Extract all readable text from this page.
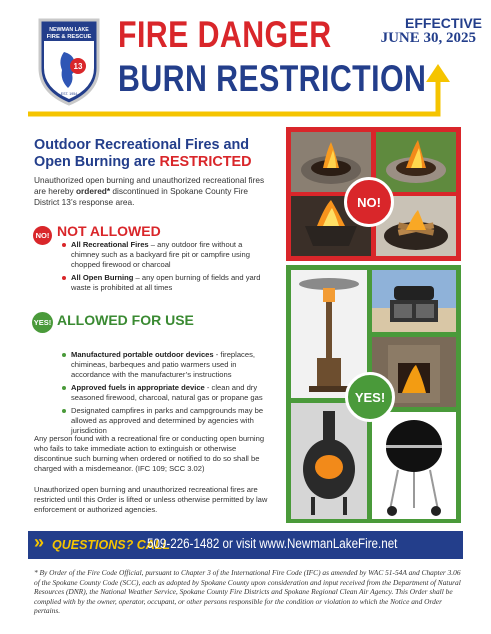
13
NEWMAN LAKE
FIRE & RESCUE
EST. 1954
FIRE DANGER
BURN RESTRICTION
EFFECTIVE
JUNE 30, 2025
Outdoor Recreational Fires and Open Burning are RESTRICTED
Unauthorized open burning and unauthorized recreational fires are hereby ordered* discontinued in Spokane County Fire District 13’s response area.
NO! NOT ALLOWED
All Recreational Fires – any outdoor fire without a chimney such as a backyard fire pit or campfire using chopped firewood or charcoal
All Open Burning – any open burning of fields and yard waste is prohibited at all times
YES! ALLOWED FOR USE
Manufactured portable outdoor devices - fireplaces, chimineas, barbeques and patio warmers used in accordance with the manufacturer’s instructions
Approved fuels in appropriate device - clean and dry seasoned firewood, charcoal, natural gas or propane gas
Designated campfires in parks and campgrounds may be allowed as approved and determined by agencies with jurisdiction
Any person found with a recreational fire or conducting open burning who fails to take immediate action to extinguish or otherwise discontinue such burning when ordered or notified to do so shall be charged with a misdemeanor. (IFC 109; SCC 3.02)
Unauthorized open burning and unauthorized recreational fires are restricted until this Order is lifted or unless otherwise permitted by law enforcement or authorized agencies.
NO!
YES!
» QUESTIONS? CALL
509-226-1482 or visit www.NewmanLakeFire.net
* By Order of the Fire Code Official, pursuant to Chapter 3 of the International Fire Code (IFC) as amended by WAC 51-54A and Chapter 3.06 of the Spokane County Code (SCC), each as adopted by Spokane County upon consideration and input received from the Department of Natural Resources (DNR), the National Weather Service, Spokane County Fire Districts and Spokane Regional Clean Air Agency. This Order shall be complied with by the owner, operator, occupant, or other persons responsible for the condition or violation to which the Notice and Order pertains.
